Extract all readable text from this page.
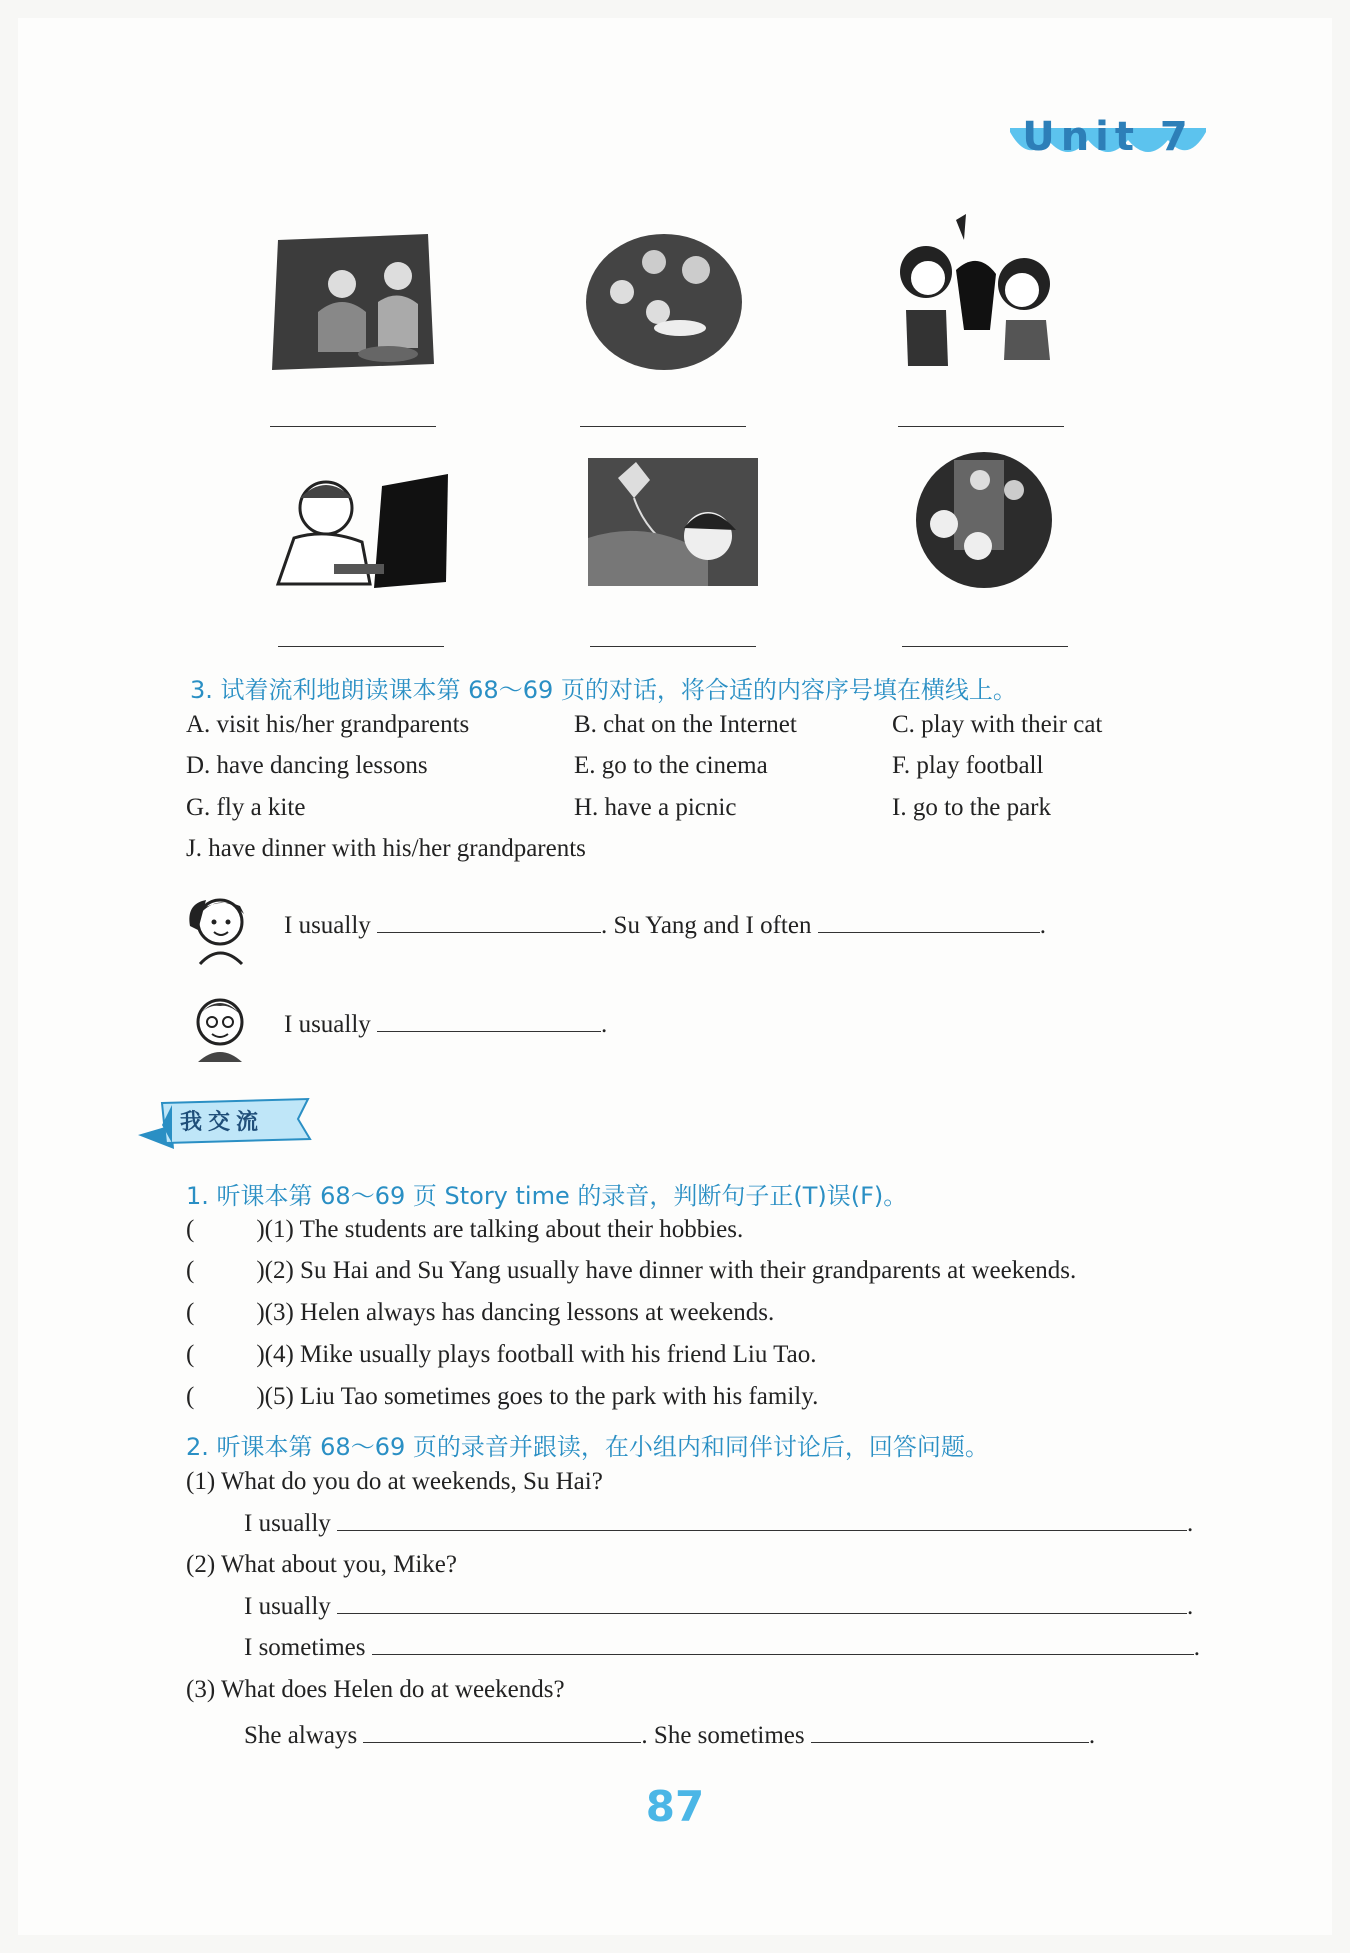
Unit 7
3. 试着流利地朗读课本第 68～69 页的对话，将合适的内容序号填在横线上。
A. visit his/her grandparents	B. chat on the Internet	C. play with their cat
D. have dancing lessons	E. go to the cinema	F. play football
G. fly a kite	H. have a picnic	I. go to the park
J. have dinner with his/her grandparents
I usually	. Su Yang and I often	.
I usually	.
我交流
1. 听课本第 68～69 页 Story time 的录音，判断句子正(T)误(F)。
( )(1) The students are talking about their hobbies.
( )(2) Su Hai and Su Yang usually have dinner with their grandparents at weekends.
( )(3) Helen always has dancing lessons at weekends.
( )(4) Mike usually plays football with his friend Liu Tao.
( )(5) Liu Tao sometimes goes to the park with his family.
2. 听课本第 68～69 页的录音并跟读，在小组内和同伴讨论后，回答问题。
(1) What do you do at weekends, Su Hai?
I usually	.
(2) What about you, Mike?
I usually	.
I sometimes	.
(3) What does Helen do at weekends?
She always	. She sometimes	.
87
